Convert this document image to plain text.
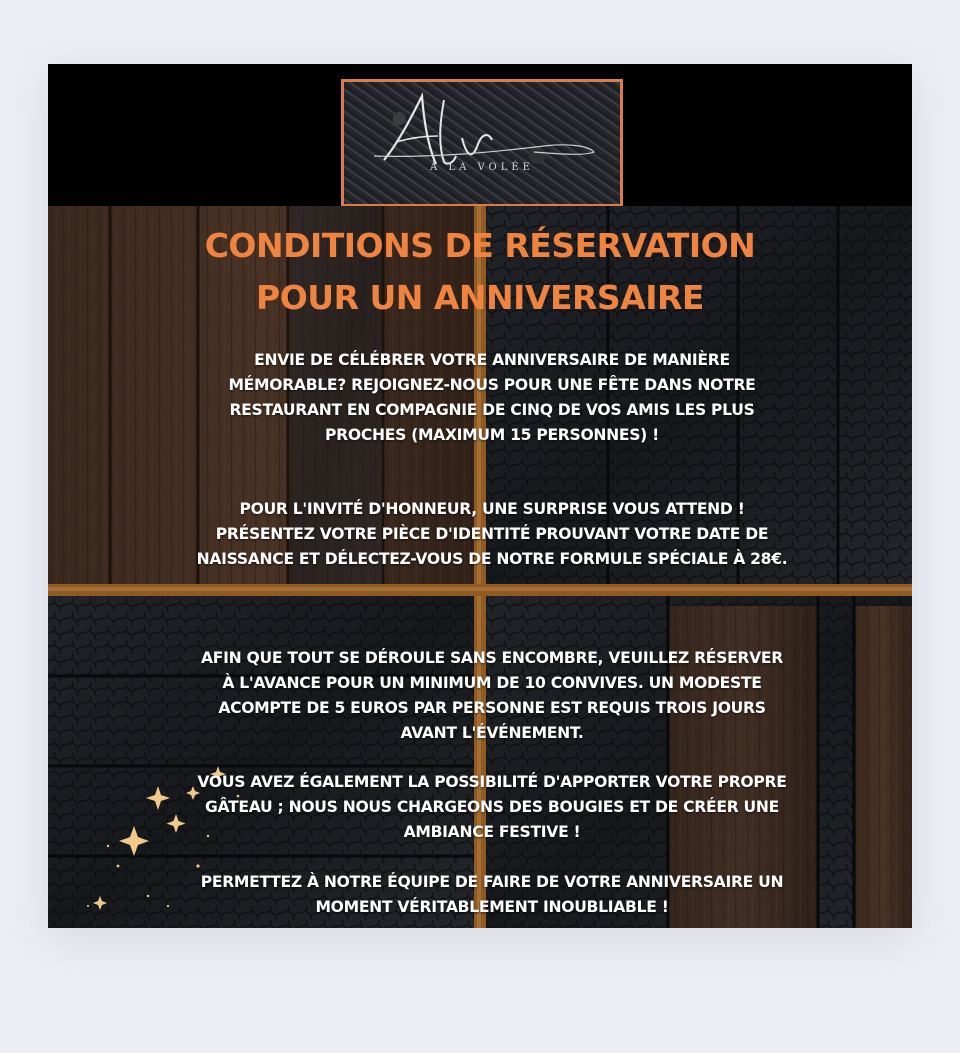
À LA VOLÉE
CONDITIONS DE RÉSERVATION
POUR UN ANNIVERSAIRE

ENVIE DE CÉLÉBRER VOTRE ANNIVERSAIRE DE MANIÈRE MÉMORABLE? REJOIGNEZ-NOUS POUR UNE FÊTE DANS NOTRE RESTAURANT EN COMPAGNIE DE CINQ DE VOS AMIS LES PLUS PROCHES (MAXIMUM 15 PERSONNES) !

POUR L'INVITÉ D'HONNEUR, UNE SURPRISE VOUS ATTEND ! PRÉSENTEZ VOTRE PIÈCE D'IDENTITÉ PROUVANT VOTRE DATE DE NAISSANCE ET DÉLECTEZ-VOUS DE NOTRE FORMULE SPÉCIALE À 28€.

AFIN QUE TOUT SE DÉROULE SANS ENCOMBRE, VEUILLEZ RÉSERVER À L'AVANCE POUR UN MINIMUM DE 10 CONVIVES. UN MODESTE ACOMPTE DE 5 EUROS PAR PERSONNE EST REQUIS TROIS JOURS AVANT L'ÉVÉNEMENT.

VOUS AVEZ ÉGALEMENT LA POSSIBILITÉ D'APPORTER VOTRE PROPRE GÂTEAU ; NOUS NOUS CHARGEONS DES BOUGIES ET DE CRÉER UNE AMBIANCE FESTIVE !

PERMETTEZ À NOTRE ÉQUIPE DE FAIRE DE VOTRE ANNIVERSAIRE UN MOMENT VÉRITABLEMENT INOUBLIABLE !
